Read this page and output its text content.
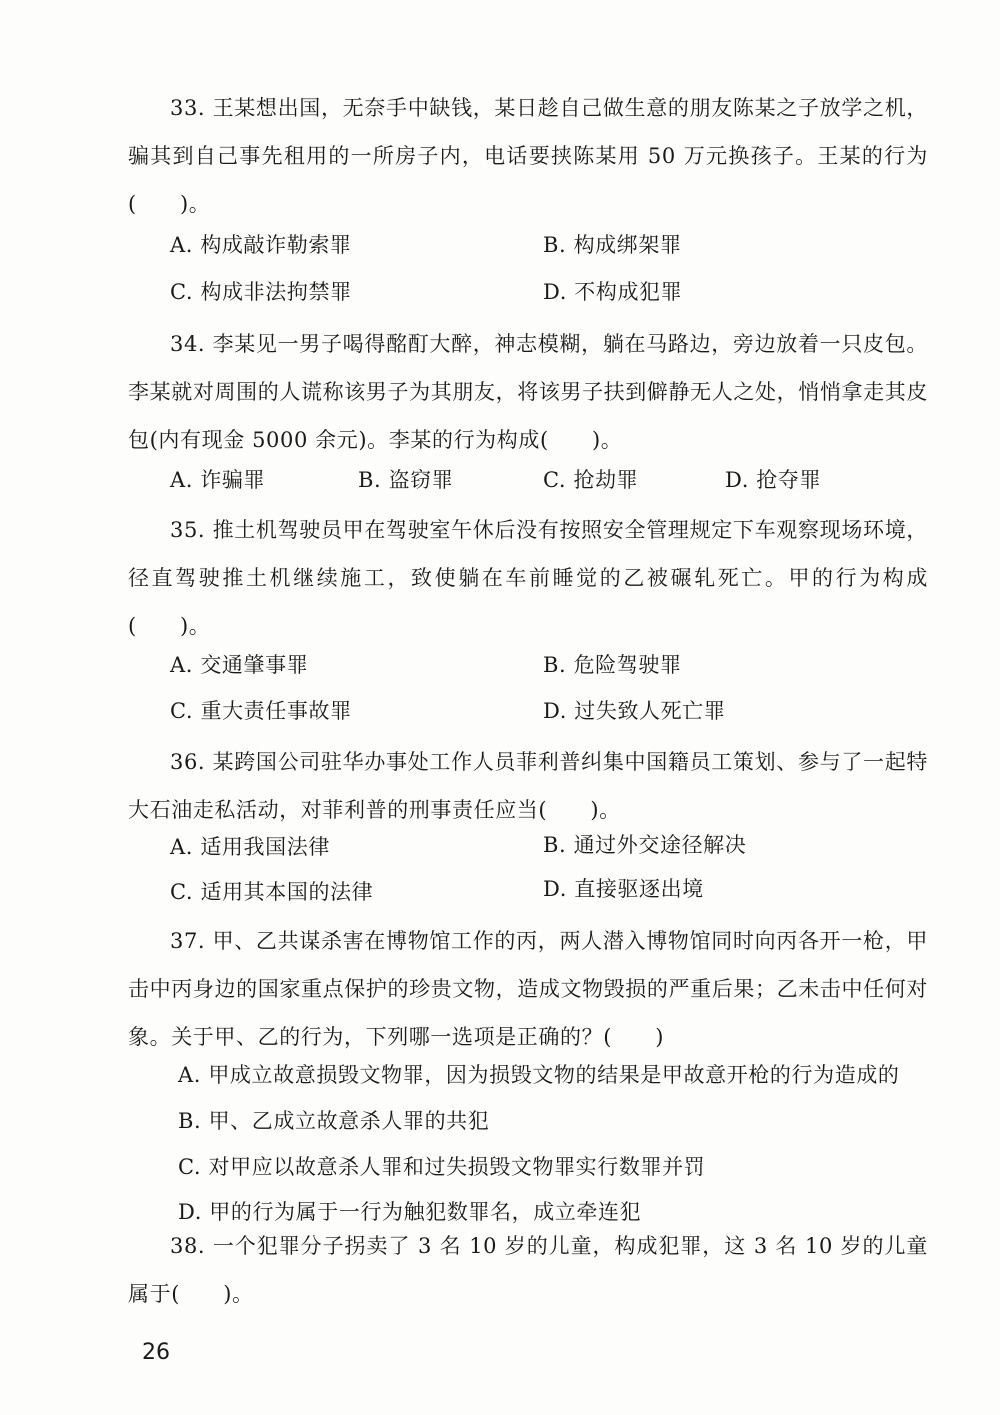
33. 王某想出国，无奈手中缺钱，某日趁自己做生意的朋友陈某之子放学之机，骗其到自己事先租用的一所房子内，电话要挟陈某用 50 万元换孩子。王某的行为(　　)。
A. 构成敲诈勒索罪	B. 构成绑架罪
C. 构成非法拘禁罪	D. 不构成犯罪
34. 李某见一男子喝得酩酊大醉，神志模糊，躺在马路边，旁边放着一只皮包。李某就对周围的人谎称该男子为其朋友，将该男子扶到僻静无人之处，悄悄拿走其皮包(内有现金 5000 余元)。李某的行为构成(　　)。
A. 诈骗罪	B. 盗窃罪	C. 抢劫罪	D. 抢夺罪
35. 推土机驾驶员甲在驾驶室午休后没有按照安全管理规定下车观察现场环境，径直驾驶推土机继续施工，致使躺在车前睡觉的乙被碾轧死亡。甲的行为构成(　　)。
A. 交通肇事罪	B. 危险驾驶罪
C. 重大责任事故罪	D. 过失致人死亡罪
36. 某跨国公司驻华办事处工作人员菲利普纠集中国籍员工策划、参与了一起特大石油走私活动，对菲利普的刑事责任应当(　　)。
A. 适用我国法律	B. 通过外交途径解决
C. 适用其本国的法律	D. 直接驱逐出境
37. 甲、乙共谋杀害在博物馆工作的丙，两人潜入博物馆同时向丙各开一枪，甲击中丙身边的国家重点保护的珍贵文物，造成文物毁损的严重后果；乙未击中任何对象。关于甲、乙的行为，下列哪一选项是正确的？(　　)
A. 甲成立故意损毁文物罪，因为损毁文物的结果是甲故意开枪的行为造成的
B. 甲、乙成立故意杀人罪的共犯
C. 对甲应以故意杀人罪和过失损毁文物罪实行数罪并罚
D. 甲的行为属于一行为触犯数罪名，成立牵连犯
38. 一个犯罪分子拐卖了 3 名 10 岁的儿童，构成犯罪，这 3 名 10 岁的儿童属于(　　)。
26
